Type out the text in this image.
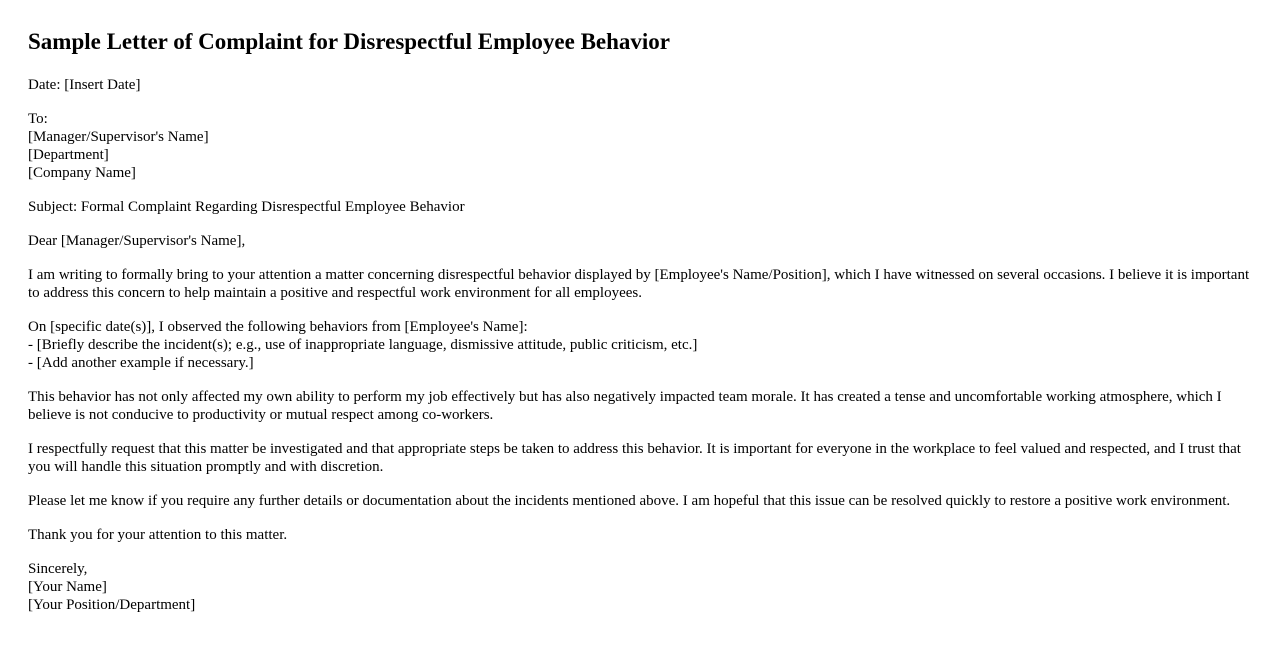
Sample Letter of Complaint for Disrespectful Employee Behavior
Date: [Insert Date]
To:
[Manager/Supervisor's Name]
[Department]
[Company Name]
Subject: Formal Complaint Regarding Disrespectful Employee Behavior
Dear [Manager/Supervisor's Name],
I am writing to formally bring to your attention a matter concerning disrespectful behavior displayed by [Employee's Name/Position], which I have witnessed on several occasions. I believe it is important to address this concern to help maintain a positive and respectful work environment for all employees.
On [specific date(s)], I observed the following behaviors from [Employee's Name]:
- [Briefly describe the incident(s); e.g., use of inappropriate language, dismissive attitude, public criticism, etc.]
- [Add another example if necessary.]
This behavior has not only affected my own ability to perform my job effectively but has also negatively impacted team morale. It has created a tense and uncomfortable working atmosphere, which I believe is not conducive to productivity or mutual respect among co-workers.
I respectfully request that this matter be investigated and that appropriate steps be taken to address this behavior. It is important for everyone in the workplace to feel valued and respected, and I trust that you will handle this situation promptly and with discretion.
Please let me know if you require any further details or documentation about the incidents mentioned above. I am hopeful that this issue can be resolved quickly to restore a positive work environment.
Thank you for your attention to this matter.
Sincerely,
[Your Name]
[Your Position/Department]
